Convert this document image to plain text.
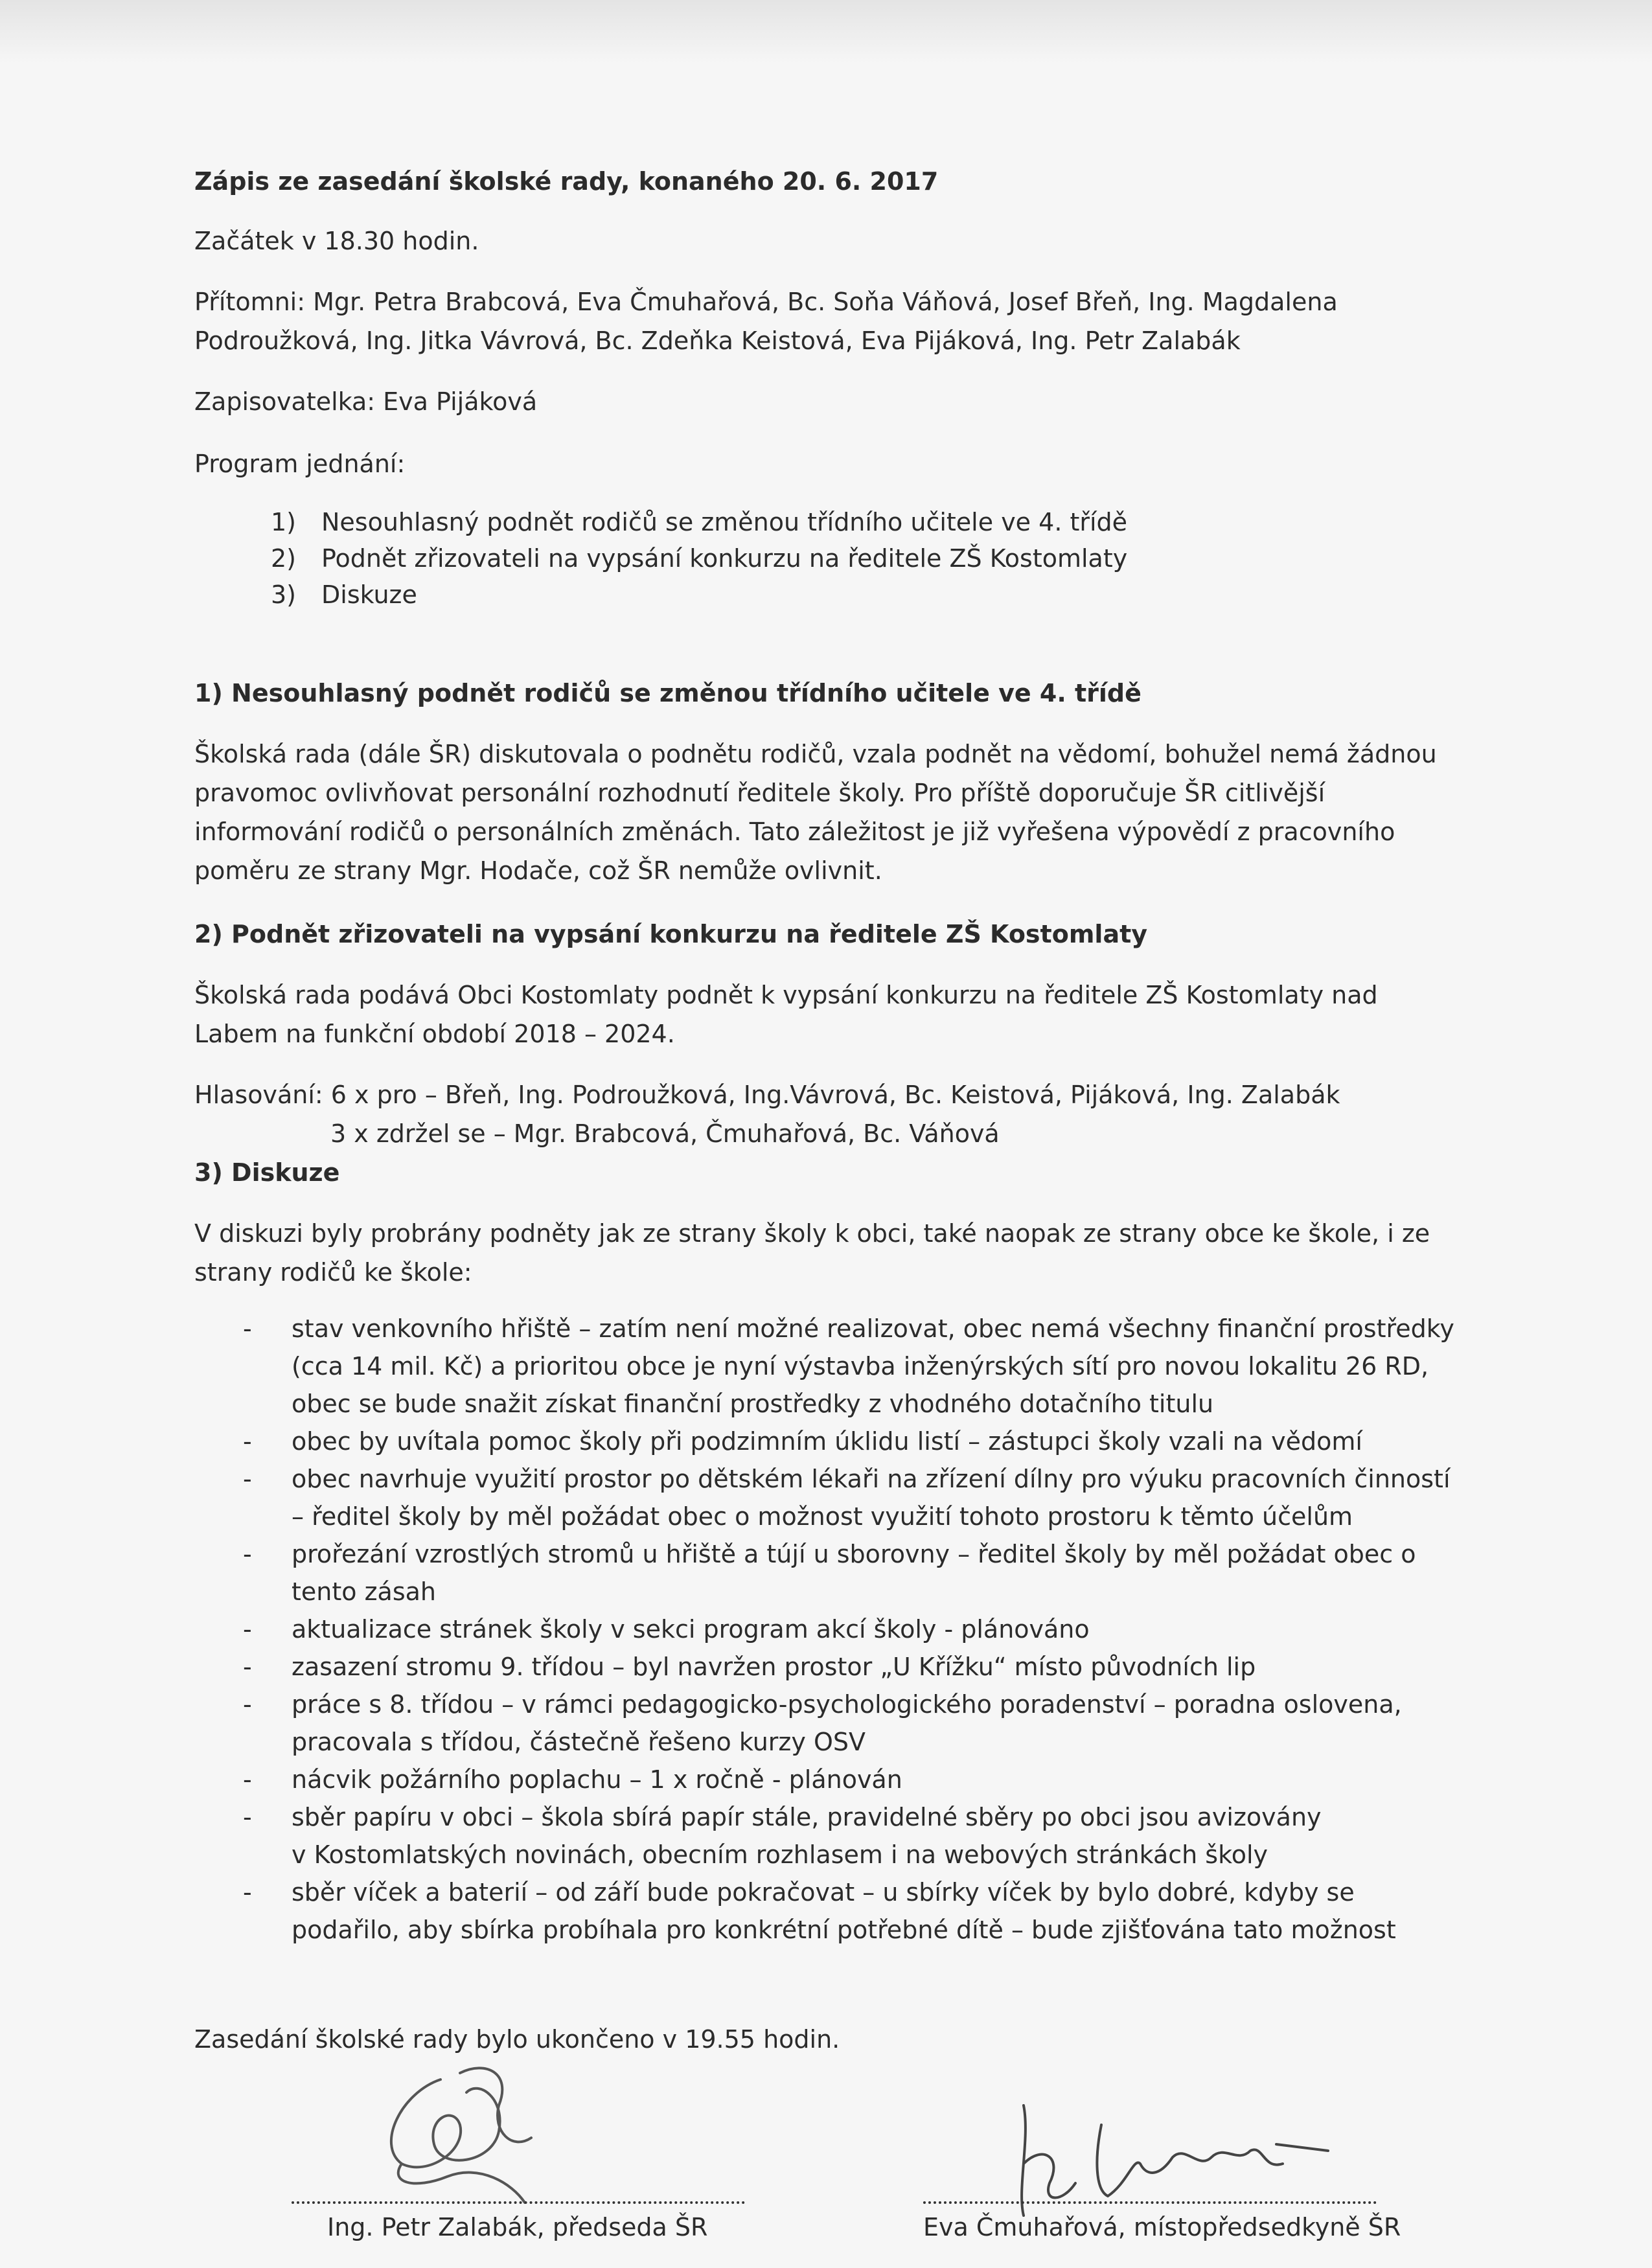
Zápis ze zasedání školské rady, konaného 20. 6. 2017
Začátek v 18.30 hodin.
Přítomni: Mgr. Petra Brabcová, Eva Čmuhařová, Bc. Soňa Váňová, Josef Břeň, Ing. Magdalena
Podroužková, Ing. Jitka Vávrová, Bc. Zdeňka Keistová, Eva Pijáková, Ing. Petr Zalabák
Zapisovatelka: Eva Pijáková
Program jednání:
1) Nesouhlasný podnět rodičů se změnou třídního učitele ve 4. třídě
2) Podnět zřizovateli na vypsání konkurzu na ředitele ZŠ Kostomlaty
3) Diskuze
1) Nesouhlasný podnět rodičů se změnou třídního učitele ve 4. třídě
Školská rada (dále ŠR) diskutovala o podnětu rodičů, vzala podnět na vědomí, bohužel nemá žádnou
pravomoc ovlivňovat personální rozhodnutí ředitele školy. Pro příště doporučuje ŠR citlivější
informování rodičů o personálních změnách. Tato záležitost je již vyřešena výpovědí z pracovního
poměru ze strany Mgr. Hodače, což ŠR nemůže ovlivnit.
2) Podnět zřizovateli na vypsání konkurzu na ředitele ZŠ Kostomlaty
Školská rada podává Obci Kostomlaty podnět k vypsání konkurzu na ředitele ZŠ Kostomlaty nad
Labem na funkční období 2018 – 2024.
Hlasování: 6 x pro – Břeň, Ing. Podroužková, Ing.Vávrová, Bc. Keistová, Pijáková, Ing. Zalabák
3 x zdržel se – Mgr. Brabcová, Čmuhařová, Bc. Váňová
3) Diskuze
V diskuzi byly probrány podněty jak ze strany školy k obci, také naopak ze strany obce ke škole, i ze
strany rodičů ke škole:
- stav venkovního hřiště – zatím není možné realizovat, obec nemá všechny finanční prostředky
(cca 14 mil. Kč) a prioritou obce je nyní výstavba inženýrských sítí pro novou lokalitu 26 RD,
obec se bude snažit získat finanční prostředky z vhodného dotačního titulu
- obec by uvítala pomoc školy při podzimním úklidu listí – zástupci školy vzali na vědomí
- obec navrhuje využití prostor po dětském lékaři na zřízení dílny pro výuku pracovních činností
– ředitel školy by měl požádat obec o možnost využití tohoto prostoru k těmto účelům
- prořezání vzrostlých stromů u hřiště a tújí u sborovny – ředitel školy by měl požádat obec o
tento zásah
- aktualizace stránek školy v sekci program akcí školy - plánováno
- zasazení stromu 9. třídou – byl navržen prostor „U Křížku“ místo původních lip
- práce s 8. třídou – v rámci pedagogicko-psychologického poradenství – poradna oslovena,
pracovala s třídou, částečně řešeno kurzy OSV
- nácvik požárního poplachu – 1 x ročně - plánován
- sběr papíru v obci – škola sbírá papír stále, pravidelné sběry po obci jsou avizovány
v Kostomlatských novinách, obecním rozhlasem i na webových stránkách školy
- sběr víček a baterií – od září bude pokračovat – u sbírky víček by bylo dobré, kdyby se
podařilo, aby sbírka probíhala pro konkrétní potřebné dítě – bude zjišťována tato možnost
Zasedání školské rady bylo ukončeno v 19.55 hodin.
Ing. Petr Zalabák, předseda ŠR	Eva Čmuhařová, místopředsedkyně ŠR
